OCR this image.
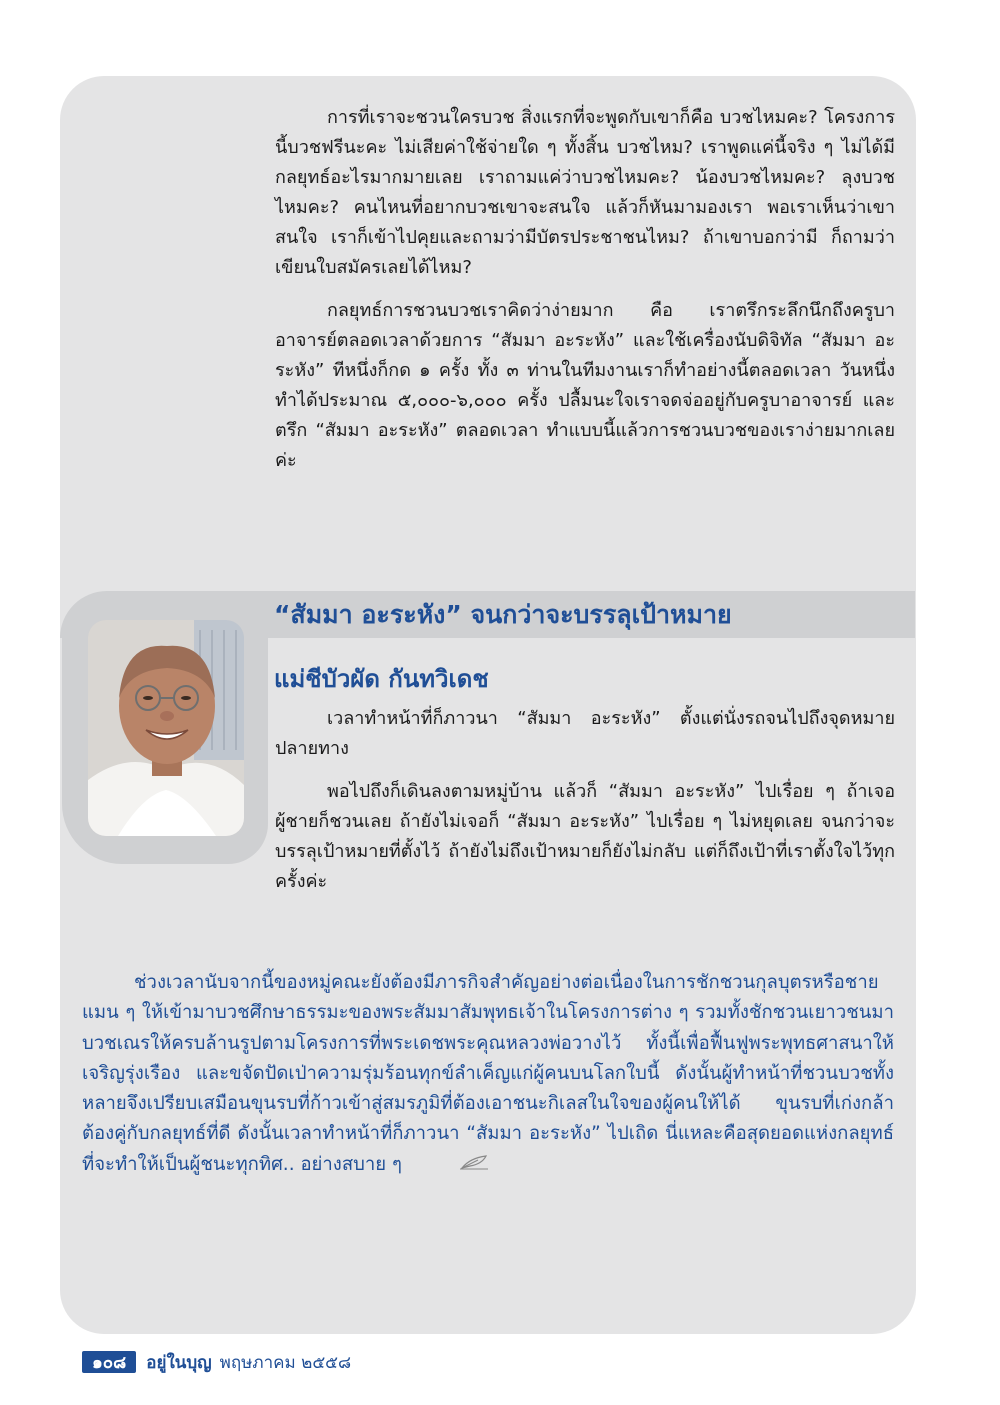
การที่เราจะชวนใครบวช สิ่งแรกที่จะพูดกับเขาก็คือ บวชไหมคะ? โครงการนี้บวชฟรีนะคะ ไม่เสียค่าใช้จ่ายใด ๆ ทั้งสิ้น บวชไหม? เราพูดแค่นี้จริง ๆ ไม่ได้มีกลยุทธ์อะไรมากมายเลย เราถามแค่ว่าบวชไหมคะ? น้องบวชไหมคะ? ลุงบวชไหมคะ? คนไหนที่อยากบวชเขาจะสนใจ แล้วก็หันมามองเรา พอเราเห็นว่าเขาสนใจ เราก็เข้าไปคุยและถามว่ามีบัตรประชาชนไหม? ถ้าเขาบอกว่ามี ก็ถามว่าเขียนใบสมัครเลยได้ไหม?

กลยุทธ์การชวนบวชเราคิดว่าง่ายมาก คือ เราตรึกระลึกนึกถึงครูบาอาจารย์ตลอดเวลาด้วยการ “สัมมา อะระหัง” และใช้เครื่องนับดิจิทัล “สัมมา อะระหัง” ทีหนึ่งก็กด ๑ ครั้ง ทั้ง ๓ ท่านในทีมงานเราก็ทำอย่างนี้ตลอดเวลา วันหนึ่งทำได้ประมาณ ๕,๐๐๐-๖,๐๐๐ ครั้ง ปลื้มนะใจเราจดจ่ออยู่กับครูบาอาจารย์ และตรึก “สัมมา อะระหัง” ตลอดเวลา ทำแบบนี้แล้วการชวนบวชของเราง่ายมากเลยค่ะ

“สัมมา อะระหัง” จนกว่าจะบรรลุเป้าหมาย
แม่ชีบัวผัด กันทวิเดช

เวลาทำหน้าที่ก็ภาวนา “สัมมา อะระหัง” ตั้งแต่นั่งรถจนไปถึงจุดหมายปลายทาง

พอไปถึงก็เดินลงตามหมู่บ้าน แล้วก็ “สัมมา อะระหัง” ไปเรื่อย ๆ ถ้าเจอผู้ชายก็ชวนเลย ถ้ายังไม่เจอก็ “สัมมา อะระหัง” ไปเรื่อย ๆ ไม่หยุดเลย จนกว่าจะบรรลุเป้าหมายที่ตั้งไว้ ถ้ายังไม่ถึงเป้าหมายก็ยังไม่กลับ แต่ก็ถึงเป้าที่เราตั้งใจไว้ทุกครั้งค่ะ

ช่วงเวลานับจากนี้ของหมู่คณะยังต้องมีภารกิจสำคัญอย่างต่อเนื่องในการชักชวนกุลบุตรหรือชายแมน ๆ ให้เข้ามาบวชศึกษาธรรมะของพระสัมมาสัมพุทธเจ้าในโครงการต่าง ๆ รวมทั้งชักชวนเยาวชนมาบวชเณรให้ครบล้านรูปตามโครงการที่พระเดชพระคุณหลวงพ่อวางไว้ ทั้งนี้เพื่อฟื้นฟูพระพุทธศาสนาให้เจริญรุ่งเรือง และขจัดปัดเป่าความรุ่มร้อนทุกข์ลำเค็ญแก่ผู้คนบนโลกใบนี้ ดังนั้นผู้ทำหน้าที่ชวนบวชทั้งหลายจึงเปรียบเสมือนขุนรบที่ก้าวเข้าสู่สมรภูมิที่ต้องเอาชนะกิเลสในใจของผู้คนให้ได้ ขุนรบที่เก่งกล้าต้องคู่กับกลยุทธ์ที่ดี ดังนั้นเวลาทำหน้าที่ก็ภาวนา “สัมมา อะระหัง” ไปเถิด นี่แหละคือสุดยอดแห่งกลยุทธ์ที่จะทำให้เป็นผู้ชนะทุกทิศ.. อย่างสบาย ๆ

๑๐๘	อยู่ในบุญ พฤษภาคม ๒๕๕๘
